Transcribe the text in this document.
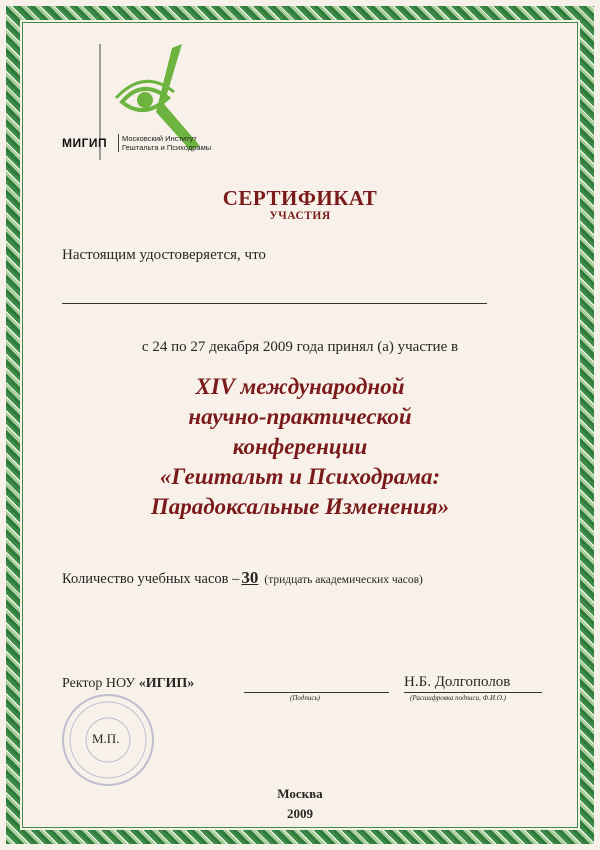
МИГИП Московский Институт
Гештальта и Психодрамы
СЕРТИФИКАТ
УЧАСТИЯ
Настоящим удостоверяется, что
с 24 по 27 декабря 2009 года принял (а) участие в
XIV международной
научно-практической
конференции
«Гештальт и Психодрама:
Парадоксальные Изменения»
Количество учебных часов – 30 (тридцать академических часов)
М.П.
Ректор НОУ «ИГИП»
(Подпись)
Н.Б. Долгополов
(Расшифровка подписи, Ф.И.О.)
Москва
2009
